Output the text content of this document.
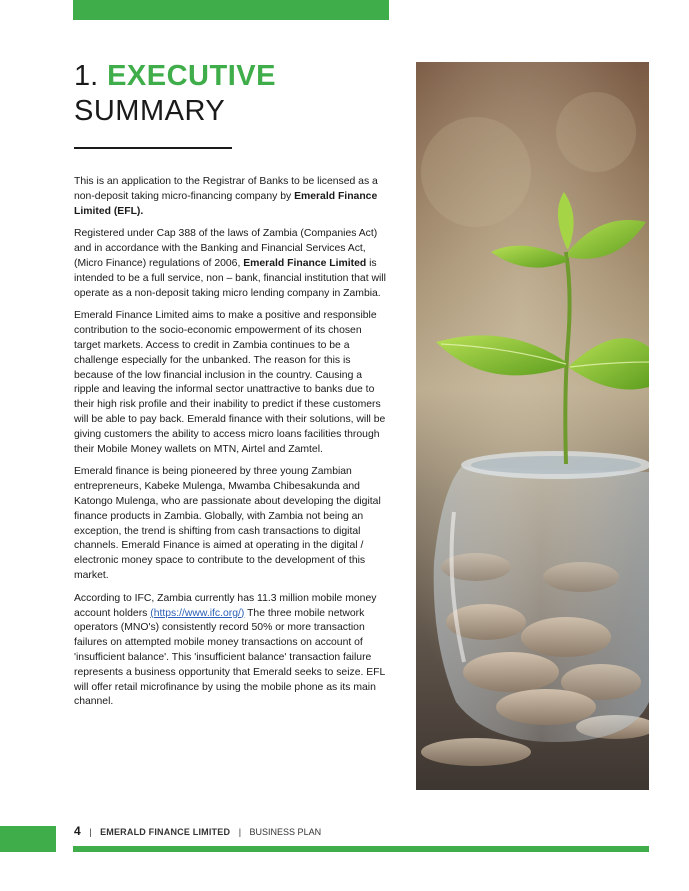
1. EXECUTIVE
SUMMARY

This is an application to the Registrar of Banks to be licensed as a non-deposit taking micro-financing company by Emerald Finance Limited (EFL).

Registered under Cap 388 of the laws of Zambia (Companies Act) and in accordance with the Banking and Financial Services Act, (Micro Finance) regulations of 2006, Emerald Finance Limited is intended to be a full service, non – bank, financial institution that will operate as a non-deposit taking micro lending company in Zambia.

Emerald Finance Limited aims to make a positive and responsible contribution to the socio-economic empowerment of its chosen target markets. Access to credit in Zambia continues to be a challenge especially for the unbanked. The reason for this is because of the low financial inclusion in the country. Causing a ripple and leaving the informal sector unattractive to banks due to their high risk profile and their inability to predict if these customers will be able to pay back. Emerald finance with their solutions, will be giving customers the ability to access micro loans facilities through their Mobile Money wallets on MTN, Airtel and Zamtel.

Emerald finance is being pioneered by three young Zambian entrepreneurs, Kabeke Mulenga, Mwamba Chibesakunda and Katongo Mulenga, who are passionate about developing the digital finance products in Zambia. Globally, with Zambia not being an exception, the trend is shifting from cash transactions to digital channels. Emerald Finance is aimed at operating in the digital / electronic money space to contribute to the development of this market.

According to IFC, Zambia currently has 11.3 million mobile money account holders (https://www.ifc.org/) The three mobile network operators (MNO's) consistently record 50% or more transaction failures on attempted mobile money transactions on account of 'insufficient balance'. This 'insufficient balance' transaction failure represents a business opportunity that Emerald seeks to seize. EFL will offer retail microfinance by using the mobile phone as its main channel.

4 | EMERALD FINANCE LIMITED | BUSINESS PLAN
